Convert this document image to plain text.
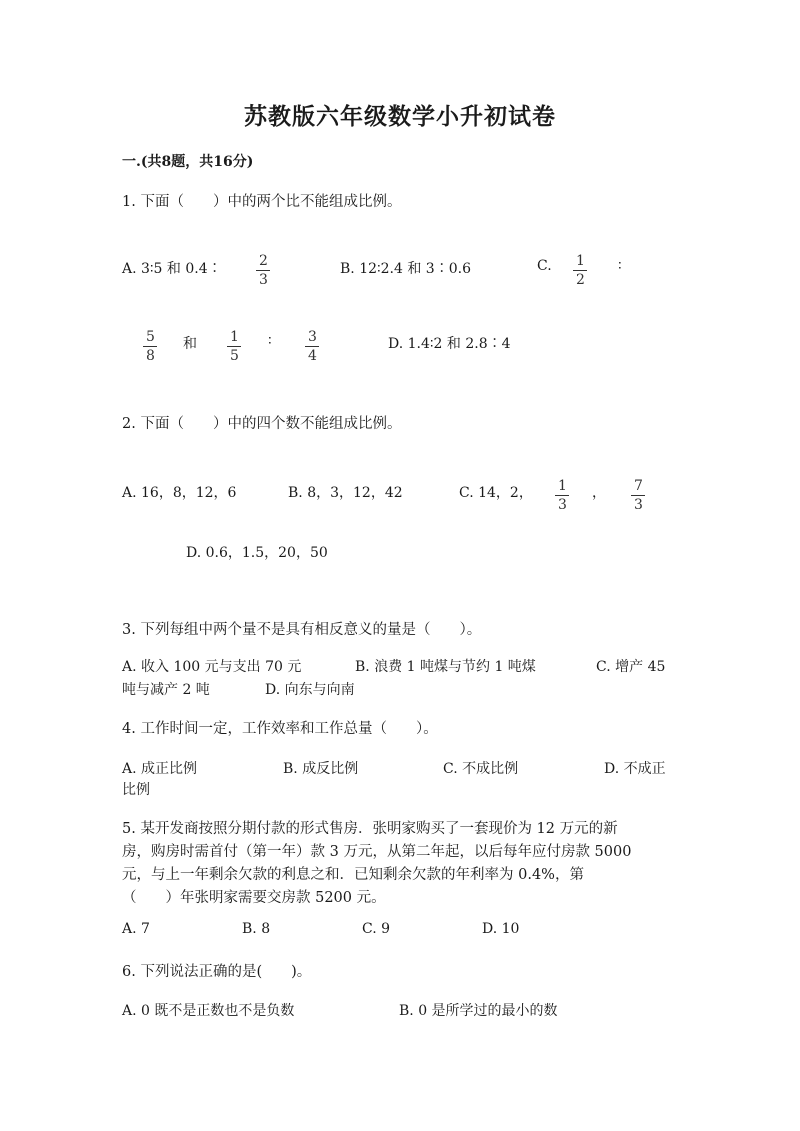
苏教版六年级数学小升初试卷
一.(共8题，共16分)
1. 下面（　　）中的两个比不能组成比例。
A. 3∶5 和 0.4∶ $\frac{2}{3}$	B. 12∶2.4 和 3∶0.6	C. $\frac{1}{2}$ ∶
$\frac{5}{8}$ 和 $\frac{1}{5}$ ∶ $\frac{3}{4}$	D. 1.4∶2 和 2.8∶4
2. 下面（　　）中的四个数不能组成比例。
A. 16，8，12，6	B. 8，3，12，42	C. 14，2， $\frac{1}{3}$ ， $\frac{7}{3}$
D. 0.6，1.5，20，50
3. 下列每组中两个量不是具有相反意义的量是（　　）。
A. 收入 100 元与支出 70 元	B. 浪费 1 吨煤与节约 1 吨煤	C. 增产 45
吨与减产 2 吨	D. 向东与向南
4. 工作时间一定，工作效率和工作总量（　　）。
A. 成正比例	B. 成反比例	C. 不成比例	D. 不成正
比例
5. 某开发商按照分期付款的形式售房．张明家购买了一套现价为 12 万元的新
房，购房时需首付（第一年）款 3 万元，从第二年起，以后每年应付房款 5000
元，与上一年剩余欠款的利息之和．已知剩余欠款的年利率为 0.4%，第
（　　）年张明家需要交房款 5200 元。
A. 7	B. 8	C. 9	D. 10
6. 下列说法正确的是(　　)。
A. 0 既不是正数也不是负数	B. 0 是所学过的最小的数
